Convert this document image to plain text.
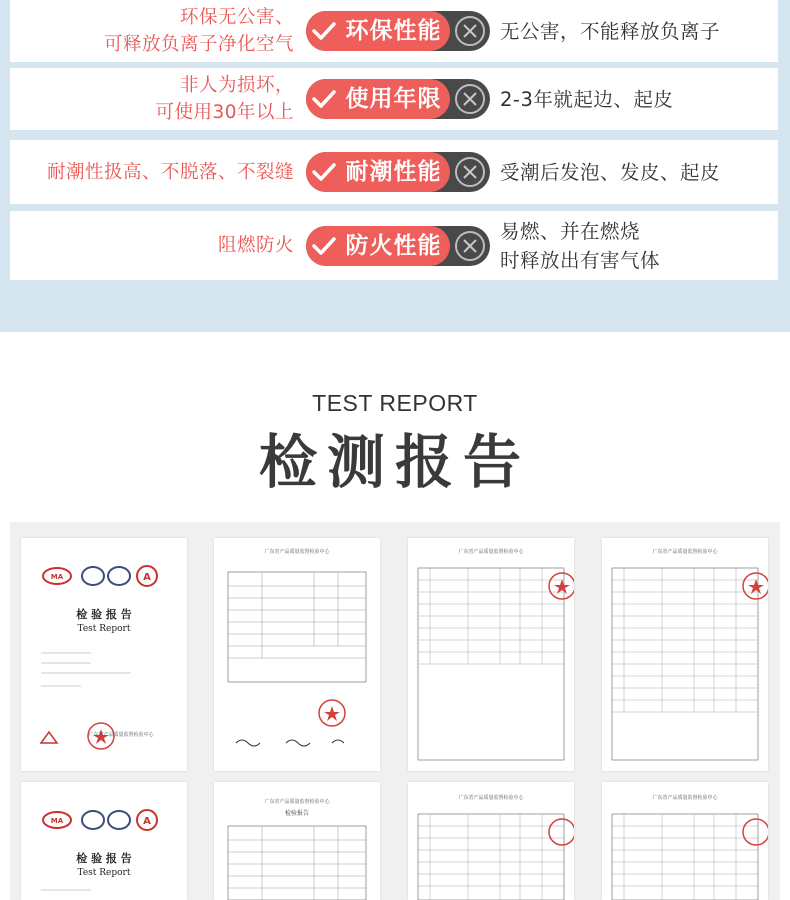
环保无公害、
可释放负离子净化空气
环保性能	无公害，不能释放负离子
非人为损坏，
可使用30年以上
使用年限	2-3年就起边、起皮
耐潮性扱高、不脱落、不裂缝	耐潮性能	受潮后发泡、发皮、起皮
阻燃防火	防火性能
易燃、并在燃烧
时释放出有害气体
TEST REPORT
检测报告
MA	A
检 验 报 告
Test Report
广东省产品质量监督检验中心
广东省产品质量监督检验中心	广东省产品质量监督检验中心	广东省产品质量监督检验中心
MA	A
检 验 报 告
Test Report
广东省产品质量监督检验中心
检验报告
广东省产品质量监督检验中心	广东省产品质量监督检验中心
